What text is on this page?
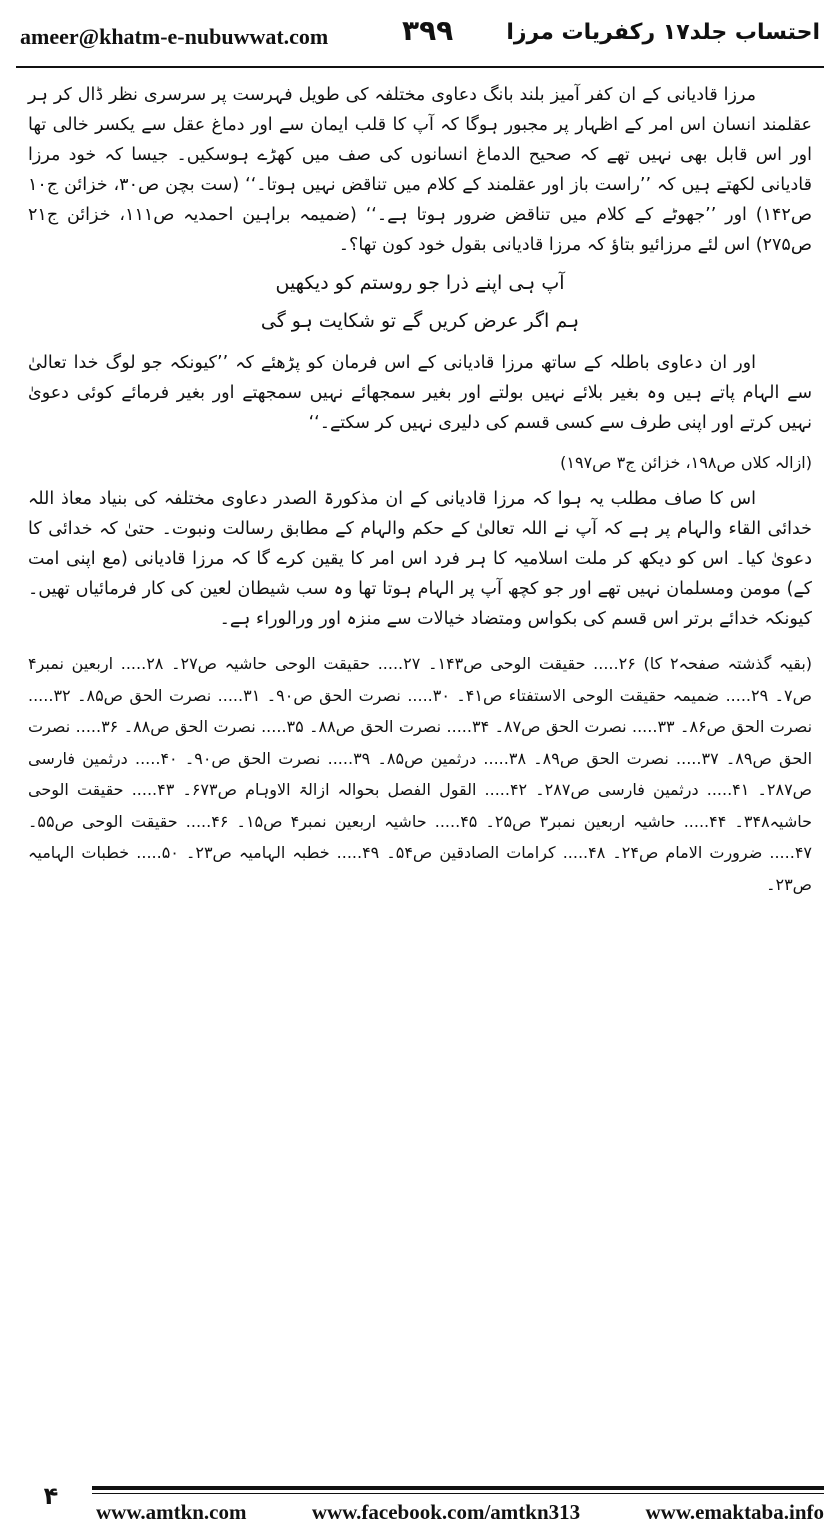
ameer@khatm-e-nubuwwat.com	۳۹۹ احتساب جلد۱۷ رکفریات مرزا

مرزا قادیانی کے ان کفر آمیز بلند بانگ دعاوی مختلفہ کی طویل فہرست پر سرسری نظر ڈال کر ہر عقلمند انسان اس امر کے اظہار پر مجبور ہوگا کہ آپ کا قلب ایمان سے اور دماغ عقل سے یکسر خالی تھا اور اس قابل بھی نہیں تھے کہ صحیح الدماغ انسانوں کی صف میں کھڑے ہوسکیں۔ جیسا کہ خود مرزا قادیانی لکھتے ہیں کہ ’’راست باز اور عقلمند کے کلام میں تناقض نہیں ہوتا۔‘‘ (ست بچن ص۳۰، خزائن ج۱۰ ص۱۴۲) اور ’’جھوٹے کے کلام میں تناقض ضرور ہوتا ہے۔‘‘ (ضمیمہ براہین احمدیہ ص۱۱۱، خزائن ج۲۱ ص۲۷۵) اس لئے مرزائیو بتاؤ کہ مرزا قادیانی بقول خود کون تھا؟۔

آپ ہی اپنے ذرا جو روستم کو دیکھیں
ہم اگر عرض کریں گے تو شکایت ہو گی

اور ان دعاوی باطلہ کے ساتھ مرزا قادیانی کے اس فرمان کو پڑھئے کہ ’’کیونکہ جو لوگ خدا تعالیٰ سے الہام پاتے ہیں وہ بغیر بلائے نہیں بولتے اور بغیر سمجھائے نہیں سمجھتے اور بغیر فرمائے کوئی دعویٰ نہیں کرتے اور اپنی طرف سے کسی قسم کی دلیری نہیں کر سکتے۔‘‘

(ازالہ کلاں ص۱۹۸، خزائن ج۳ ص۱۹۷)

اس کا صاف مطلب یہ ہوا کہ مرزا قادیانی کے ان مذکورۃ الصدر دعاوی مختلفہ کی بنیاد معاذ اللہ خدائی القاء والہام پر ہے کہ آپ نے اللہ تعالیٰ کے حکم والہام کے مطابق رسالت ونبوت۔ حتیٰ کہ خدائی کا دعویٰ کیا۔ اس کو دیکھ کر ملت اسلامیہ کا ہر فرد اس امر کا یقین کرے گا کہ مرزا قادیانی (مع اپنی امت کے) مومن ومسلمان نہیں تھے اور جو کچھ آپ پر الہام ہوتا تھا وہ سب شیطان لعین کی کار فرمائیاں تھیں۔ کیونکہ خدائے برتر اس قسم کی بکواس ومتضاد خیالات سے منزہ اور ورالوراء ہے۔

(بقیہ گذشتہ صفحہ۲ کا) ۲۶..... حقیقت الوحی ص۱۴۳۔ ۲۷..... حقیقت الوحی حاشیہ ص۲۷۔ ۲۸..... اربعین نمبر۴ ص۷۔ ۲۹..... ضمیمہ حقیقت الوحی الاستفتاء ص۴۱۔ ۳۰..... نصرت الحق ص۹۰۔ ۳۱..... نصرت الحق ص۸۵۔ ۳۲..... نصرت الحق ص۸۶۔ ۳۳..... نصرت الحق ص۸۷۔ ۳۴..... نصرت الحق ص۸۸۔ ۳۵..... نصرت الحق ص۸۸۔ ۳۶..... نصرت الحق ص۸۹۔ ۳۷..... نصرت الحق ص۸۹۔ ۳۸..... درثمین ص۸۵۔ ۳۹..... نصرت الحق ص۹۰۔ ۴۰..... درثمین فارسی ص۲۸۷۔ ۴۱..... درثمین فارسی ص۲۸۷۔ ۴۲..... القول الفصل بحوالہ ازالۃ الاوہام ص۶۷۳۔ ۴۳..... حقیقت الوحی حاشیہ۳۴۸۔ ۴۴..... حاشیہ اربعین نمبر۳ ص۲۵۔ ۴۵..... حاشیہ اربعین نمبر۴ ص۱۵۔ ۴۶..... حقیقت الوحی ص۵۵۔ ۴۷..... ضرورت الامام ص۲۴۔ ۴۸..... کرامات الصادقین ص۵۴۔ ۴۹..... خطبہ الہامیہ ص۲۳۔ ۵۰..... خطبات الہامیہ ص۲۳۔
۴
www.amtkn.com	www.facebook.com/amtkn313	www.emaktaba.info
